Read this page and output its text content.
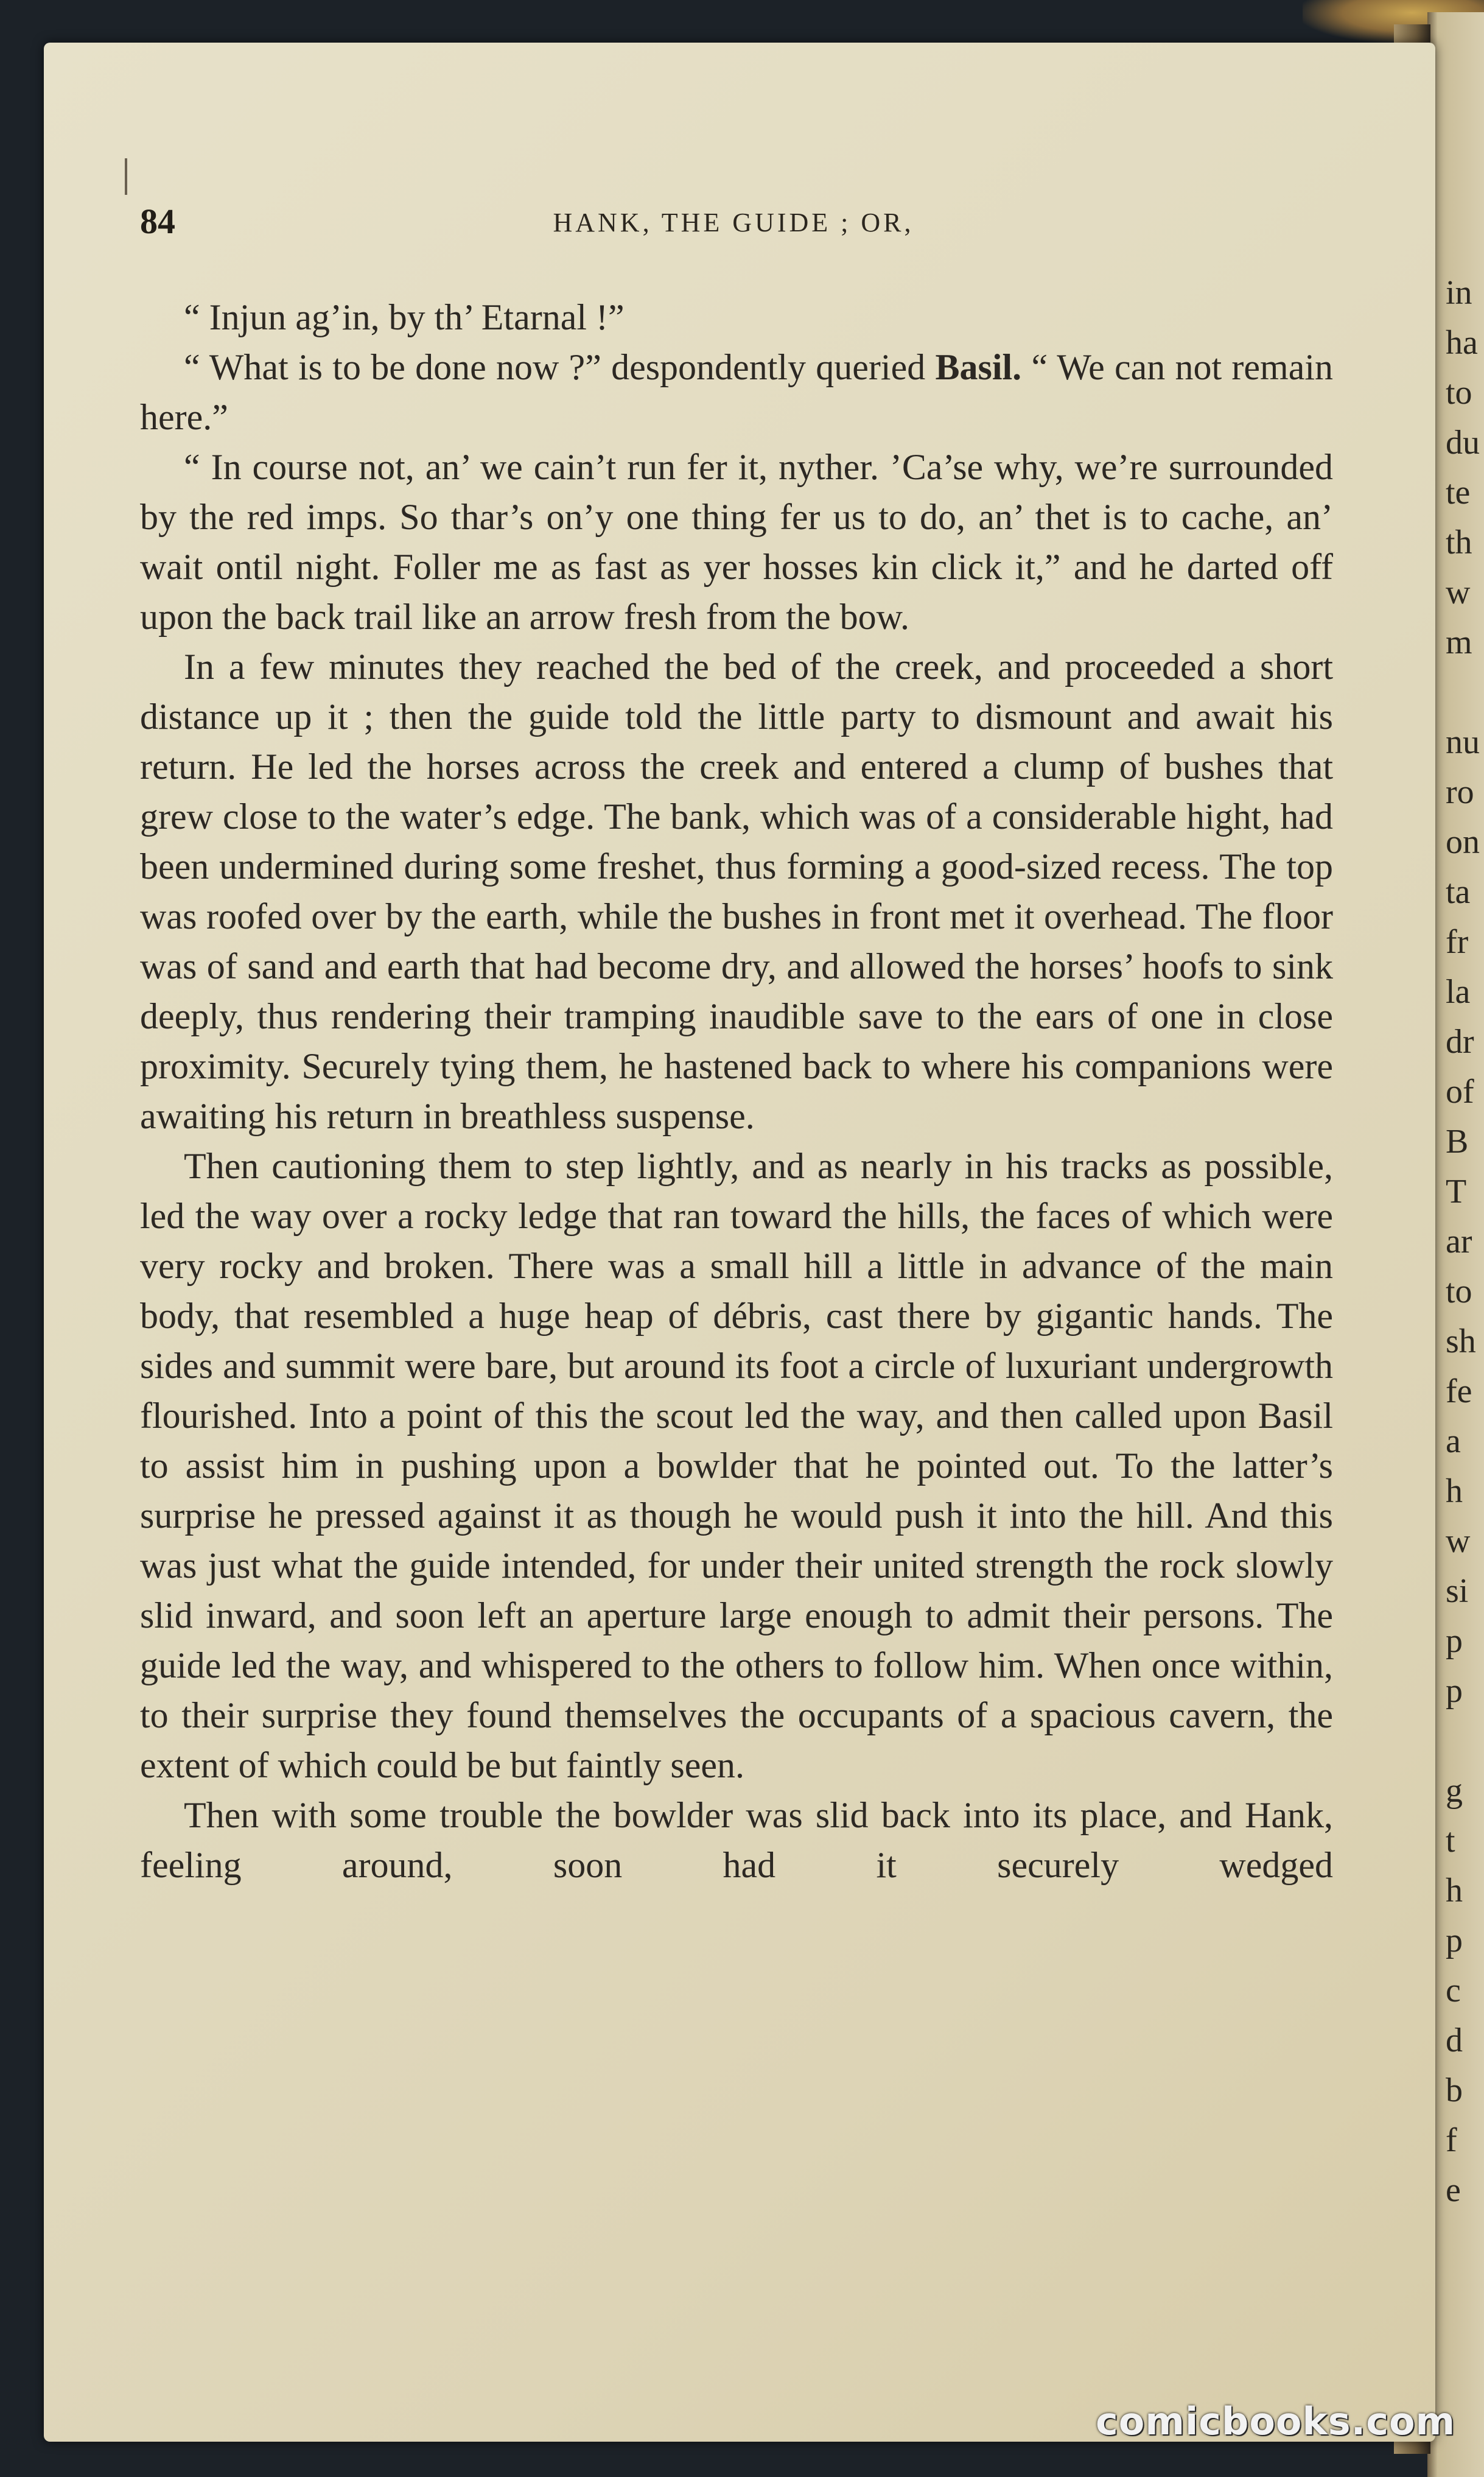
in
ha
to
du
te
th
w
m

nu
ro
on
ta
fr
la
dr
of
B
T
ar
to
sh
fe
a
h
w
si
p
p

g
t
h
p
c
d
b
f
e
84	HANK, THE GUIDE ; OR,

“ Injun ag’in, by th’ Etarnal !”

“ What is to be done now ?” despondently queried Basil. “ We can not remain here.”

“ In course not, an’ we cain’t run fer it, nyther. ’Ca’se why, we’re surrounded by the red imps. So thar’s on’y one thing fer us to do, an’ thet is to cache, an’ wait ontil night. Foller me as fast as yer hosses kin click it,” and he darted off upon the back trail like an arrow fresh from the bow.

In a few minutes they reached the bed of the creek, and proceeded a short distance up it ; then the guide told the little party to dismount and await his return. He led the horses across the creek and entered a clump of bushes that grew close to the water’s edge. The bank, which was of a considerable hight, had been undermined during some freshet, thus forming a good-sized recess. The top was roofed over by the earth, while the bushes in front met it overhead. The floor was of sand and earth that had become dry, and allowed the horses’ hoofs to sink deeply, thus rendering their tramping inaudible save to the ears of one in close proximity. Securely tying them, he hastened back to where his companions were awaiting his return in breathless suspense.

Then cautioning them to step lightly, and as nearly in his tracks as possible, led the way over a rocky ledge that ran toward the hills, the faces of which were very rocky and broken. There was a small hill a little in advance of the main body, that resembled a huge heap of débris, cast there by gigantic hands. The sides and summit were bare, but around its foot a circle of luxuriant undergrowth flourished. Into a point of this the scout led the way, and then called upon Basil to assist him in pushing upon a bowlder that he pointed out. To the latter’s surprise he pressed against it as though he would push it into the hill. And this was just what the guide intended, for under their united strength the rock slowly slid inward, and soon left an aperture large enough to admit their persons. The guide led the way, and whispered to the others to follow him. When once within, to their surprise they found themselves the occupants of a spacious cavern, the extent of which could be but faintly seen.

Then with some trouble the bowlder was slid back into its place, and Hank, feeling around, soon had it securely wedged

comicbooks.com
